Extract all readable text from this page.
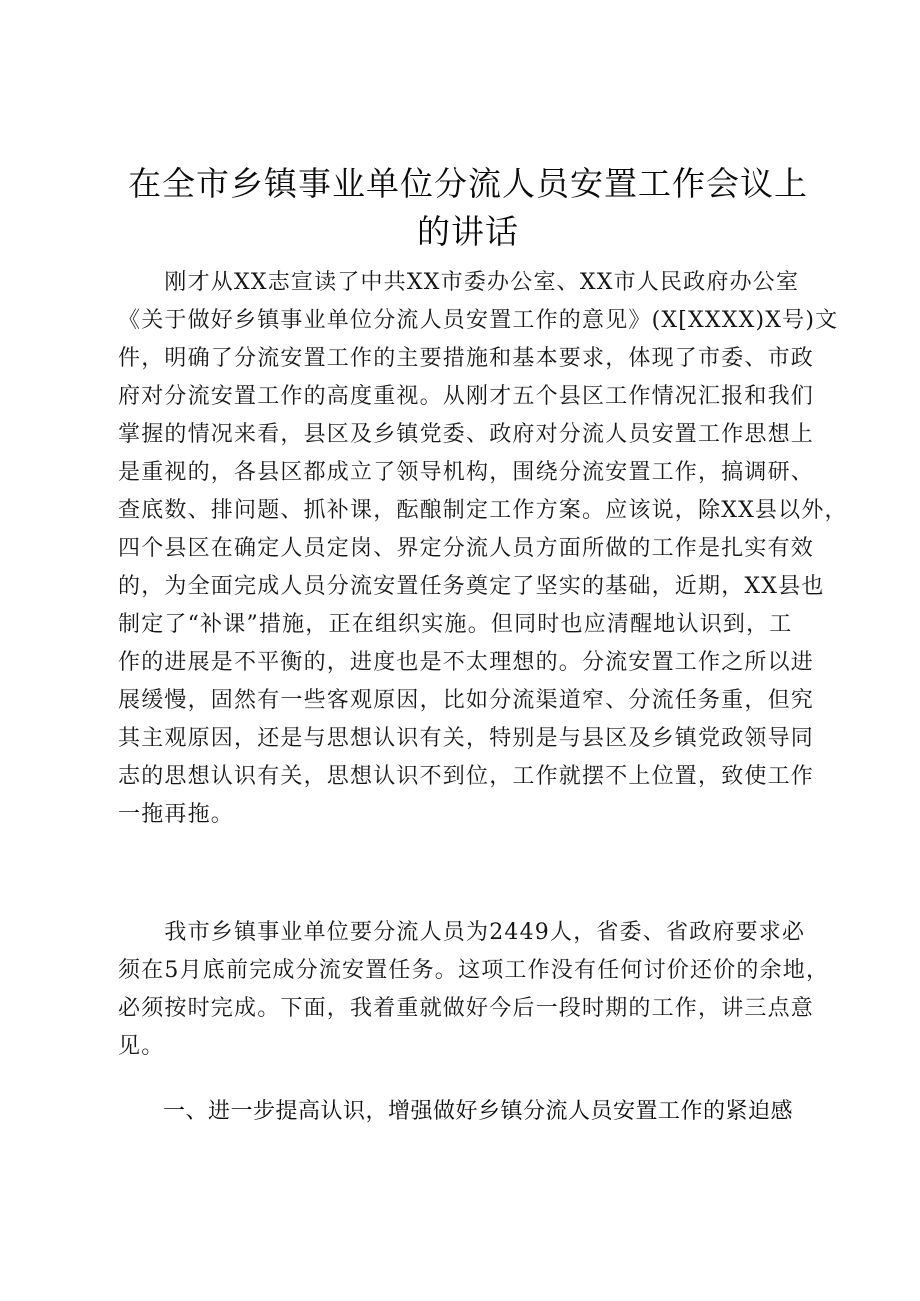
在全市乡镇事业单位分流人员安置工作会议上
的讲话
　　刚才从XX志宣读了中共XX市委办公室、XX市人民政府办公室
《关于做好乡镇事业单位分流人员安置工作的意见》(X[XXXX)X号)文
件，明确了分流安置工作的主要措施和基本要求，体现了市委、市政
府对分流安置工作的高度重视。从刚才五个县区工作情况汇报和我们
掌握的情况来看，县区及乡镇党委、政府对分流人员安置工作思想上
是重视的，各县区都成立了领导机构，围绕分流安置工作，搞调研、
查底数、排问题、抓补课，酝酿制定工作方案。应该说，除XX县以外，
四个县区在确定人员定岗、界定分流人员方面所做的工作是扎实有效
的，为全面完成人员分流安置任务奠定了坚实的基础，近期，XX县也
制定了“补课”措施，正在组织实施。但同时也应清醒地认识到，工
作的进展是不平衡的，进度也是不太理想的。分流安置工作之所以进
展缓慢，固然有一些客观原因，比如分流渠道窄、分流任务重，但究
其主观原因，还是与思想认识有关，特别是与县区及乡镇党政领导同
志的思想认识有关，思想认识不到位，工作就摆不上位置，致使工作
一拖再拖。
　　我市乡镇事业单位要分流人员为2449人，省委、省政府要求必
须在5月底前完成分流安置任务。这项工作没有任何讨价还价的余地，
必须按时完成。下面，我着重就做好今后一段时期的工作，讲三点意
见。
　　一、进一步提高认识，增强做好乡镇分流人员安置工作的紧迫感
